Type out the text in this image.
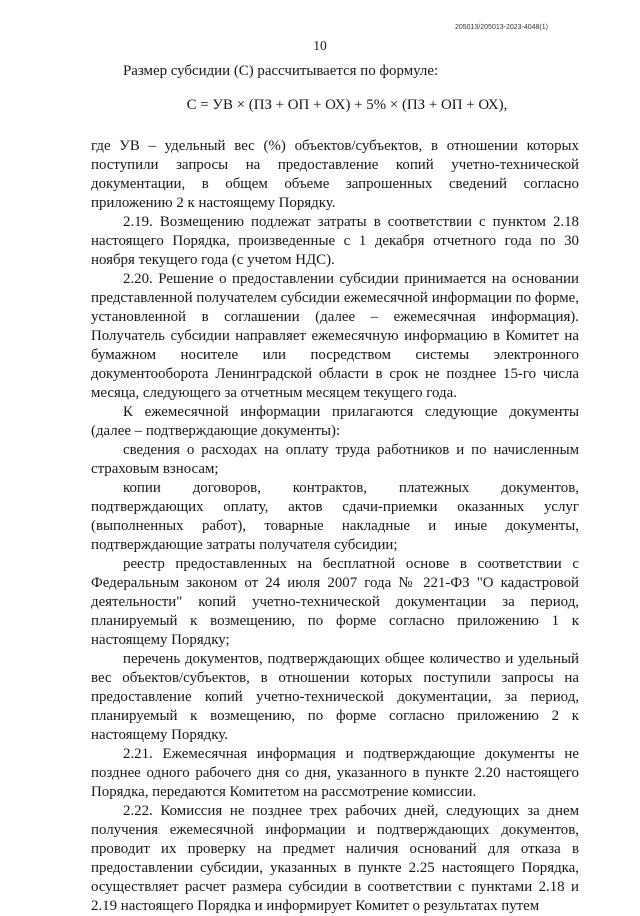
205013/205013-2023-4048(1)
10

Размер субсидии (С) рассчитывается по формуле:

С = УВ × (ПЗ + ОП + ОХ) + 5% × (ПЗ + ОП + ОХ),

где УВ – удельный вес (%) объектов/субъектов, в отношении которых поступили запросы на предоставление копий учетно-технической документации, в общем объеме запрошенных сведений согласно приложению 2 к настоящему Порядку.

2.19. Возмещению подлежат затраты в соответствии с пунктом 2.18 настоящего Порядка, произведенные с 1 декабря отчетного года по 30 ноября текущего года (с учетом НДС).

2.20. Решение о предоставлении субсидии принимается на основании представленной получателем субсидии ежемесячной информации по форме, установленной в соглашении (далее – ежемесячная информация). Получатель субсидии направляет ежемесячную информацию в Комитет на бумажном носителе или посредством системы электронного документооборота Ленинградской области в срок не позднее 15-го числа месяца, следующего за отчетным месяцем текущего года.

К ежемесячной информации прилагаются следующие документы (далее – подтверждающие документы):

сведения о расходах на оплату труда работников и по начисленным страховым взносам;

копии договоров, контрактов, платежных документов, подтверждающих оплату, актов сдачи-приемки оказанных услуг (выполненных работ), товарные накладные и иные документы, подтверждающие затраты получателя субсидии;

реестр предоставленных на бесплатной основе в соответствии с Федеральным законом от 24 июля 2007 года № 221-ФЗ "О кадастровой деятельности" копий учетно-технической документации за период, планируемый к возмещению, по форме согласно приложению 1 к настоящему Порядку;

перечень документов, подтверждающих общее количество и удельный вес объектов/субъектов, в отношении которых поступили запросы на предоставление копий учетно-технической документации, за период, планируемый к возмещению, по форме согласно приложению 2 к настоящему Порядку.

2.21. Ежемесячная информация и подтверждающие документы не позднее одного рабочего дня со дня, указанного в пункте 2.20 настоящего Порядка, передаются Комитетом на рассмотрение комиссии.

2.22. Комиссия не позднее трех рабочих дней, следующих за днем получения ежемесячной информации и подтверждающих документов, проводит их проверку на предмет наличия оснований для отказа в предоставлении субсидии, указанных в пункте 2.25 настоящего Порядка, осуществляет расчет размера субсидии в соответствии с пунктами 2.18 и 2.19 настоящего Порядка и информирует Комитет о результатах путем
